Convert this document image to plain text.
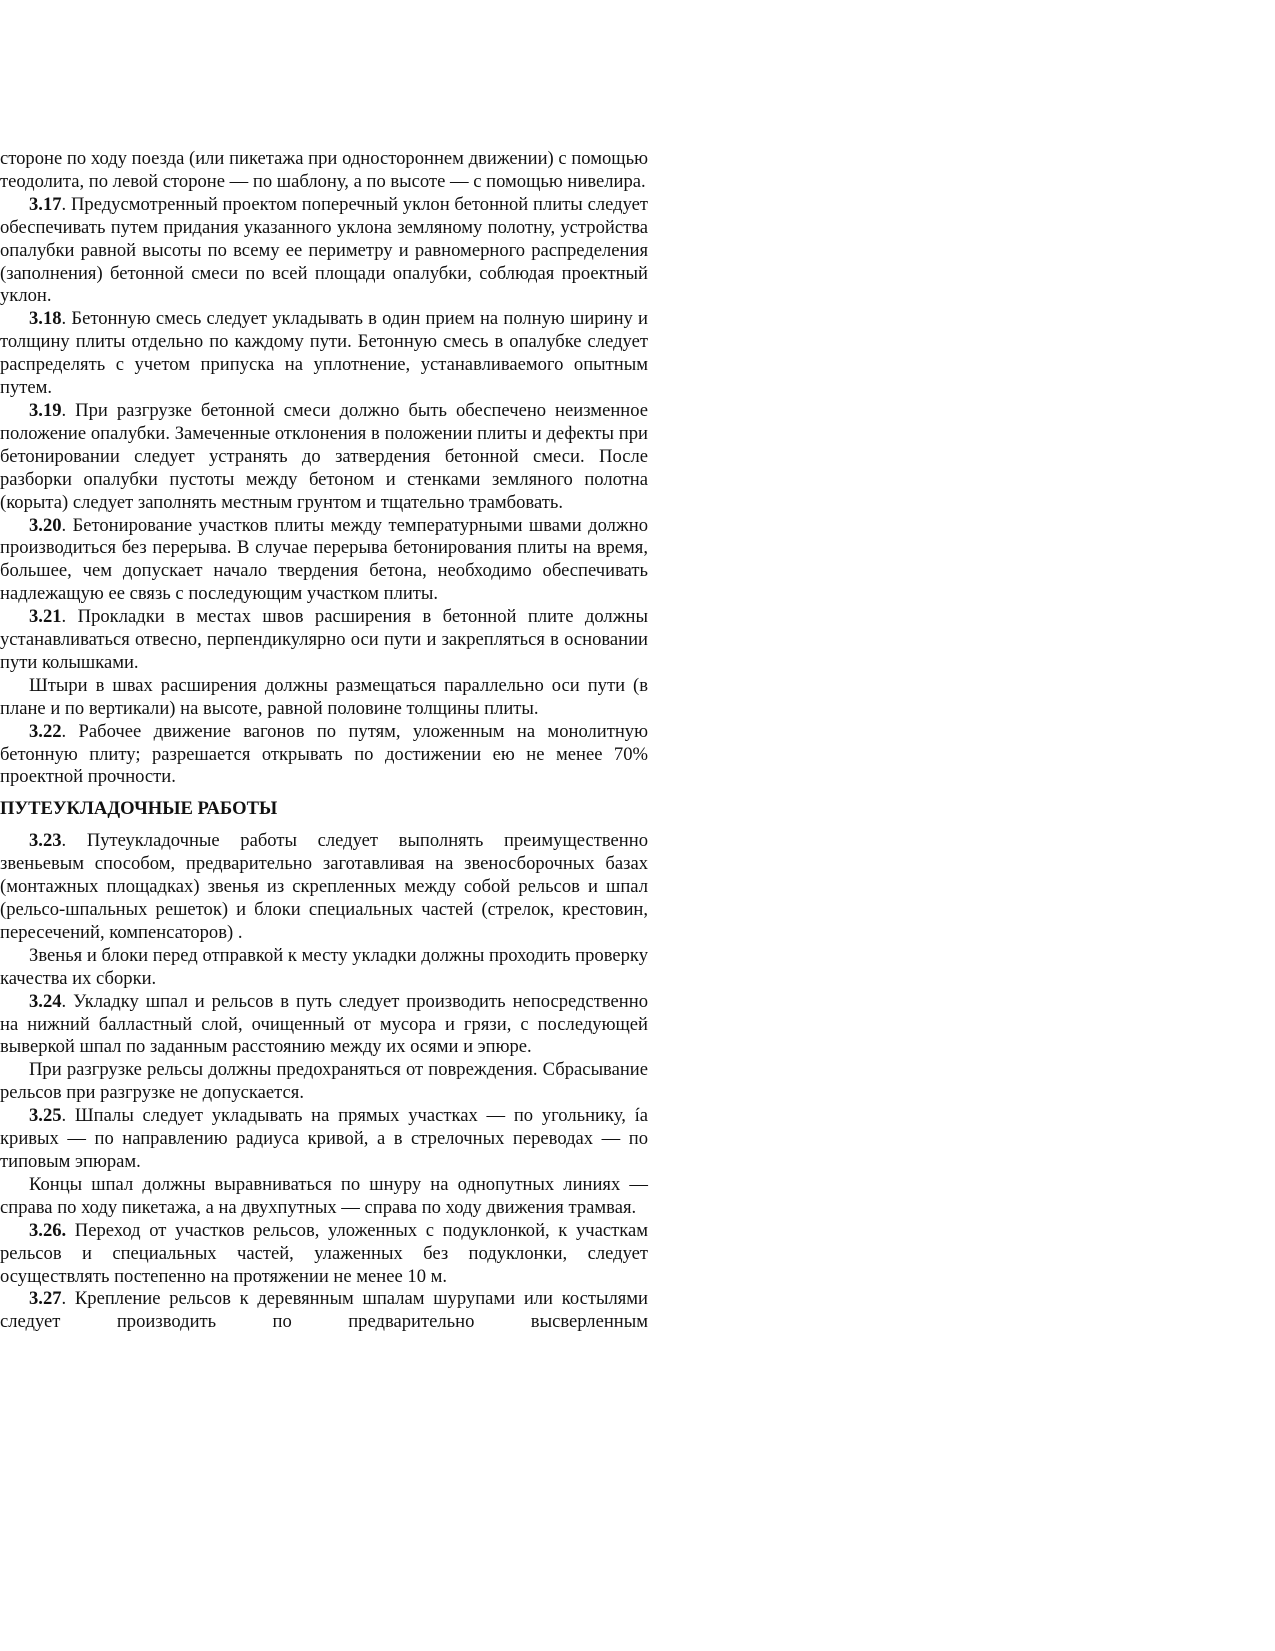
стороне по ходу поезда (или пикетажа при одностороннем движении) с помощью теодолита, по левой стороне — по шаблону, а по высоте — с помощью нивелира.

3.17. Предусмотренный проектом поперечный уклон бетонной плиты следует обеспечивать путем придания указанного уклона земляному полотну, устройства опалубки равной высоты по всему ее периметру и равномерного распределения (заполнения) бетонной смеси по всей площади опалубки, соблюдая проектный уклон.

3.18. Бетонную смесь следует укладывать в один прием на полную ширину и толщину плиты отдельно по каждому пути. Бетонную смесь в опалубке следует распределять с учетом припуска на уплотнение, устанавливаемого опытным путем.

3.19. При разгрузке бетонной смеси должно быть обеспечено неизменное положение опалубки. Замеченные отклонения в положении плиты и дефекты при бетонировании следует устранять до затвердения бетонной смеси. После разборки опалубки пустоты между бетоном и стенками земляного полотна (корыта) следует заполнять местным грунтом и тщательно трамбовать.

3.20. Бетонирование участков плиты между температурными швами должно производиться без перерыва. В случае перерыва бетонирования плиты на время, большее, чем допускает начало твердения бетона, необходимо обеспечивать надлежащую ее связь с последующим участком плиты.

3.21. Прокладки в местах швов расширения в бетонной плите должны устанавливаться отвесно, перпендикулярно оси пути и закрепляться в основании пути колышками.

Штыри в швах расширения должны размещаться параллельно оси пути (в плане и по вертикали) на высоте, равной половине толщины плиты.

3.22. Рабочее движение вагонов по путям, уложенным на монолитную бетонную плиту; разрешается открывать по достижении ею не менее 70% проектной прочности.

ПУТЕУКЛАДОЧНЫЕ РАБОТЫ

3.23. Путеукладочные работы следует выполнять преимущественно звеньевым способом, предварительно заготавливая на звеносборочных базах (монтажных площадках) звенья из скрепленных между собой рельсов и шпал (рельсо-шпальных решеток) и блоки специальных частей (стрелок, крестовин, пересечений, компенсаторов) .

Звенья и блоки перед отправкой к месту укладки должны проходить проверку качества их сборки.

3.24. Укладку шпал и рельсов в путь следует производить непосредственно на нижний балластный слой, очищенный от мусора и грязи, с последующей выверкой шпал по заданным расстоянию между их осями и эпюре.

При разгрузке рельсы должны предохраняться от повреждения. Сбрасывание рельсов при разгрузке не допускается.

3.25. Шпалы следует укладывать на прямых участках — по угольнику, íа кривых — по направлению радиуса кривой, а в стрелочных переводах — по типовым эпюрам.

Концы шпал должны выравниваться по шнуру на однопутных линиях — справа по ходу пикетажа, а на двухпутных — справа по ходу движения трамвая.

3.26. Переход от участков рельсов, уложенных с подуклонкой, к участкам рельсов и специальных частей, улаженных без подуклонки, следует осуществлять постепенно на протяжении не менее 10 м.

3.27. Крепление рельсов к деревянным шпалам шурупами или костылями следует производить по предварительно высверленным
